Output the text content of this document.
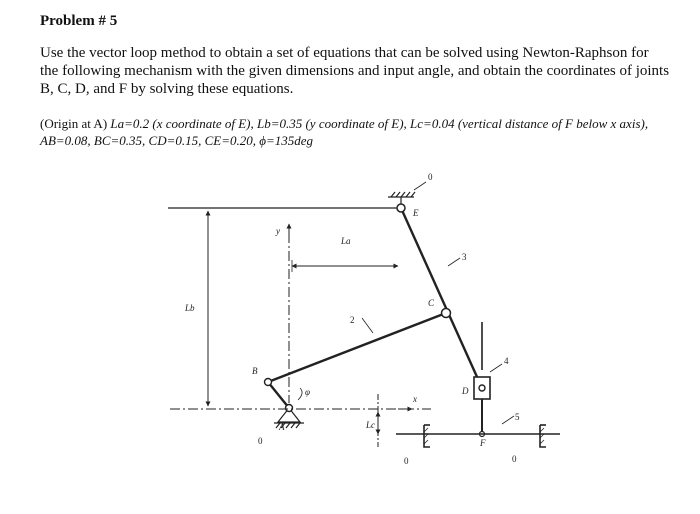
Problem # 5
Use the vector loop method to obtain a set of equations that can be solved using Newton-Raphson for the following mechanism with the given dimensions and input angle, and obtain the coordinates of joints B, C, D, and F by solving these equations.
(Origin at A) La=0.2 (x coordinate of E), Lb=0.35 (y coordinate of E), Lc=0.04 (vertical distance of F below x axis), AB=0.08, BC=0.35, CD=0.15, CE=0.20, ϕ=135deg
0
E
3
C
2
B
A
0
φ
y
x
La
Lb
Lc
D
4
F
5
0	0
